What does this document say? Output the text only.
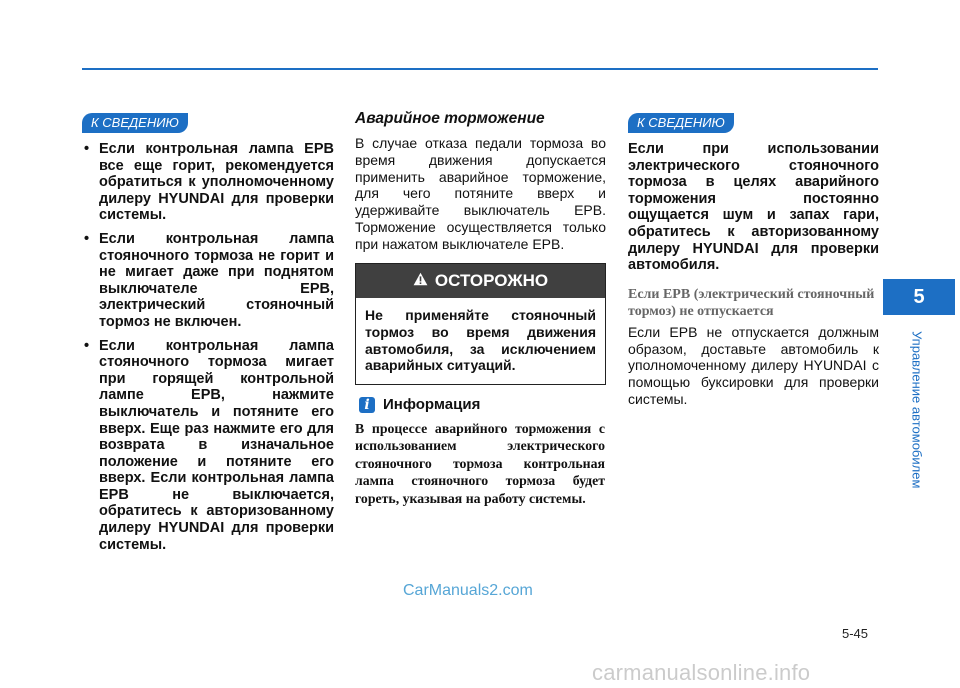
К СВЕДЕНИЮ
• Если контрольная лампа EPB все еще горит, рекомендуется обратиться к уполномоченному дилеру HYUNDAI для проверки системы.
• Если контрольная лампа стояночного тормоза не горит и не мигает даже при поднятом выключателе EPB, электрический стояночный тормоз не включен.
• Если контрольная лампа стояночного тормоза мигает при горящей контрольной лампе EPB, нажмите выключатель и потяните его вверх. Еще раз нажмите его для возврата в изначальное положение и потяните его вверх. Если контрольная лампа EPB не выключается, обратитесь к авторизованному дилеру HYUNDAI для проверки системы.
Аварийное торможение

В случае отказа педали тормоза во время движения допускается применить аварийное торможение, для чего потяните вверх и удерживайте выключатель EPB. Торможение осуществляется только при нажатом выключателе EPB.

ОСТОРОЖНО
Не применяйте стояночный тормоз во время движения автомобиля, за исключением аварийных ситуаций.
i Информация
В процессе аварийного торможения с использованием электрического стояночного тормоза контрольная лампа стояночного тормоза будет гореть, указывая на работу системы.
К СВЕДЕНИЮ

Если при использовании электрического стояночного тормоза в целях аварийного торможения постоянно ощущается шум и запах гари, обратитесь к авторизованному дилеру HYUNDAI для проверки автомобиля.

Если EPB (электрический стояночный тормоз) не отпускается

Если EPB не отпускается должным образом, доставьте автомобиль к уполномоченному дилеру HYUNDAI с помощью буксировки для проверки системы.

5
Управление автомобилем
5-45
CarManuals2.com
carmanualsonline.info
